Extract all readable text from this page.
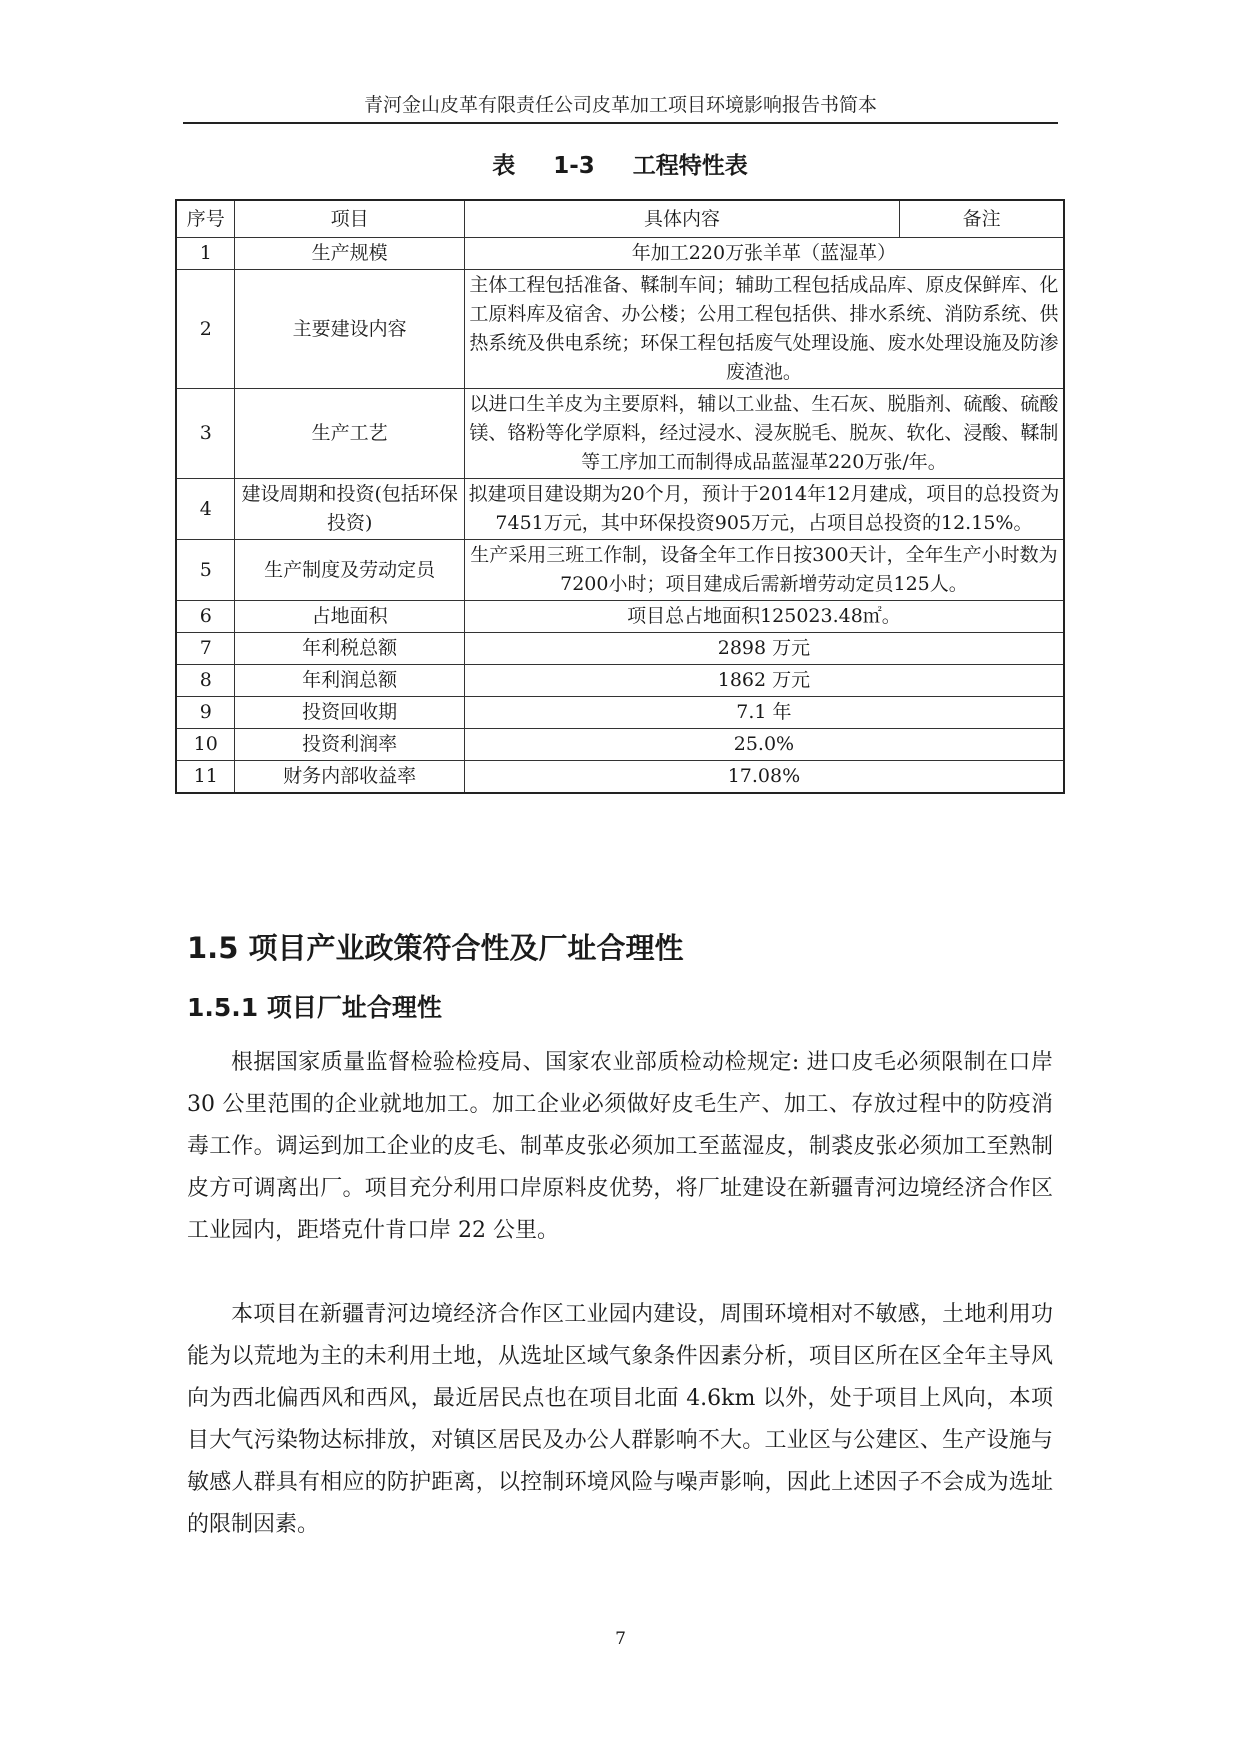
青河金山皮革有限责任公司皮革加工项目环境影响报告书简本
表 1-3 工程特性表
序号	项目	具体内容	备注
1	生产规模	年加工220万张羊革（蓝湿革）	
2	主要建设内容	主体工程包括准备、鞣制车间；辅助工程包括成品库、原皮保鲜库、化工原料库及宿舍、办公楼；公用工程包括供、排水系统、消防系统、供热系统及供电系统；环保工程包括废气处理设施、废水处理设施及防渗废渣池。	
3	生产工艺	以进口生羊皮为主要原料，辅以工业盐、生石灰、脱脂剂、硫酸、硫酸镁、铬粉等化学原料，经过浸水、浸灰脱毛、脱灰、软化、浸酸、鞣制等工序加工而制得成品蓝湿革220万张/年。	
4	建设周期和投资(包括环保投资)	拟建项目建设期为20个月，预计于2014年12月建成，项目的总投资为7451万元，其中环保投资905万元，占项目总投资的12.15%。	
5	生产制度及劳动定员	生产采用三班工作制，设备全年工作日按300天计，全年生产小时数为7200小时；项目建成后需新增劳动定员125人。	
6	占地面积	项目总占地面积125023.48㎡。	
7	年利税总额	2898 万元	
8	年利润总额	1862 万元	
9	投资回收期	7.1 年	
10	投资利润率	25.0%	
11	财务内部收益率	17.08%	
1.5 项目产业政策符合性及厂址合理性
1.5.1 项目厂址合理性

根据国家质量监督检验检疫局、国家农业部质检动检规定: 进口皮毛必须限制在口岸 30 公里范围的企业就地加工。加工企业必须做好皮毛生产、加工、存放过程中的防疫消毒工作。调运到加工企业的皮毛、制革皮张必须加工至蓝湿皮，制裘皮张必须加工至熟制皮方可调离出厂。项目充分利用口岸原料皮优势，将厂址建设在新疆青河边境经济合作区工业园内，距塔克什肯口岸 22 公里。

本项目在新疆青河边境经济合作区工业园内建设，周围环境相对不敏感，土地利用功能为以荒地为主的未利用土地，从选址区域气象条件因素分析，项目区所在区全年主导风向为西北偏西风和西风，最近居民点也在项目北面 4.6km 以外，处于项目上风向，本项目大气污染物达标排放，对镇区居民及办公人群影响不大。工业区与公建区、生产设施与敏感人群具有相应的防护距离，以控制环境风险与噪声影响，因此上述因子不会成为选址的限制因素。

7
